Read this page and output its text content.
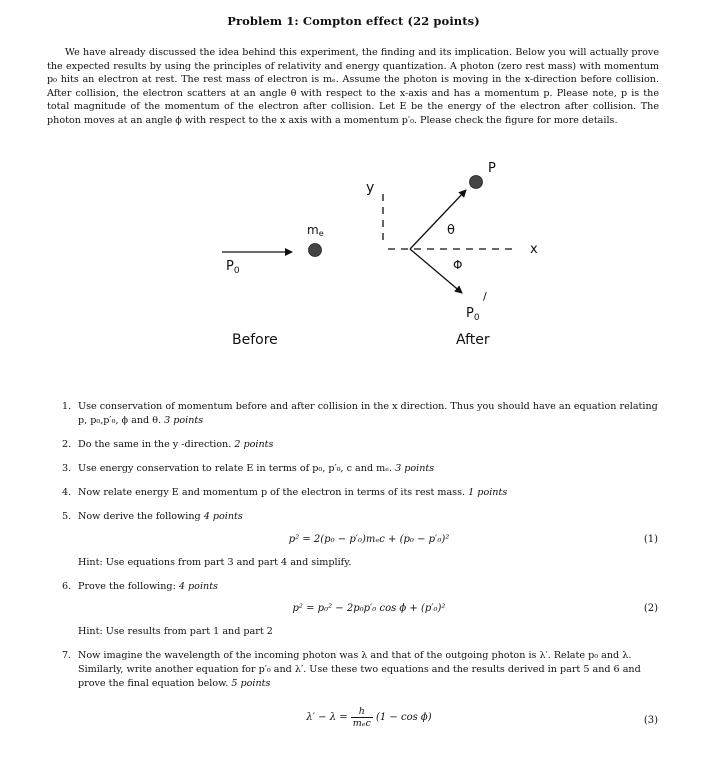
Problem 1: Compton effect (22 points)

We have already discussed the idea behind this experiment, the finding and its implication. Below you will actually prove the expected results by using the principles of relativity and energy quantization. A photon (zero rest mass) with momentum p₀ hits an electron at rest. The rest mass of electron is mₑ. Assume the photon is moving in the x-direction before collision. After collision, the electron scatters at an angle θ with respect to the x-axis and has a momentum p. Please note, p is the total magnitude of the momentum of the electron after collision. Let E be the energy of the electron after collision. The photon moves at an angle ϕ with respect to the x axis with a momentum p′₀. Please check the figure for more details.

$P_0$
me
Before
y
x
P
θ
Φ
$P_0$
/
After
1. Use conservation of momentum before and after collision in the x direction. Thus you should have an equation relating p, p₀,p′₀, ϕ and θ. 3 points
2. Do the same in the y -direction. 2 points
3. Use energy conservation to relate E in terms of p₀, p′₀, c and mₑ. 3 points
4. Now relate energy E and momentum p of the electron in terms of its rest mass. 1 points
5. Now derive the following 4 points
p² = 2(p₀ − p′₀)mₑc + (p₀ − p′₀)²	(1)
Hint: Use equations from part 3 and part 4 and simplify.
6. Prove the following: 4 points
p² = p₀² − 2p₀p′₀ cos ϕ + (p′₀)²	(2)
Hint: Use results from part 1 and part 2
7. Now imagine the wavelength of the incoming photon was λ and that of the outgoing photon is λ′. Relate p₀ and λ. Similarly, write another equation for p′₀ and λ′. Use these two equations and the results derived in part 5 and 6 and prove the final equation below. 5 points
$\lambda' - \lambda = \frac{h}{\text{mₑc}} (1 - \cos \phi)$	(3)
